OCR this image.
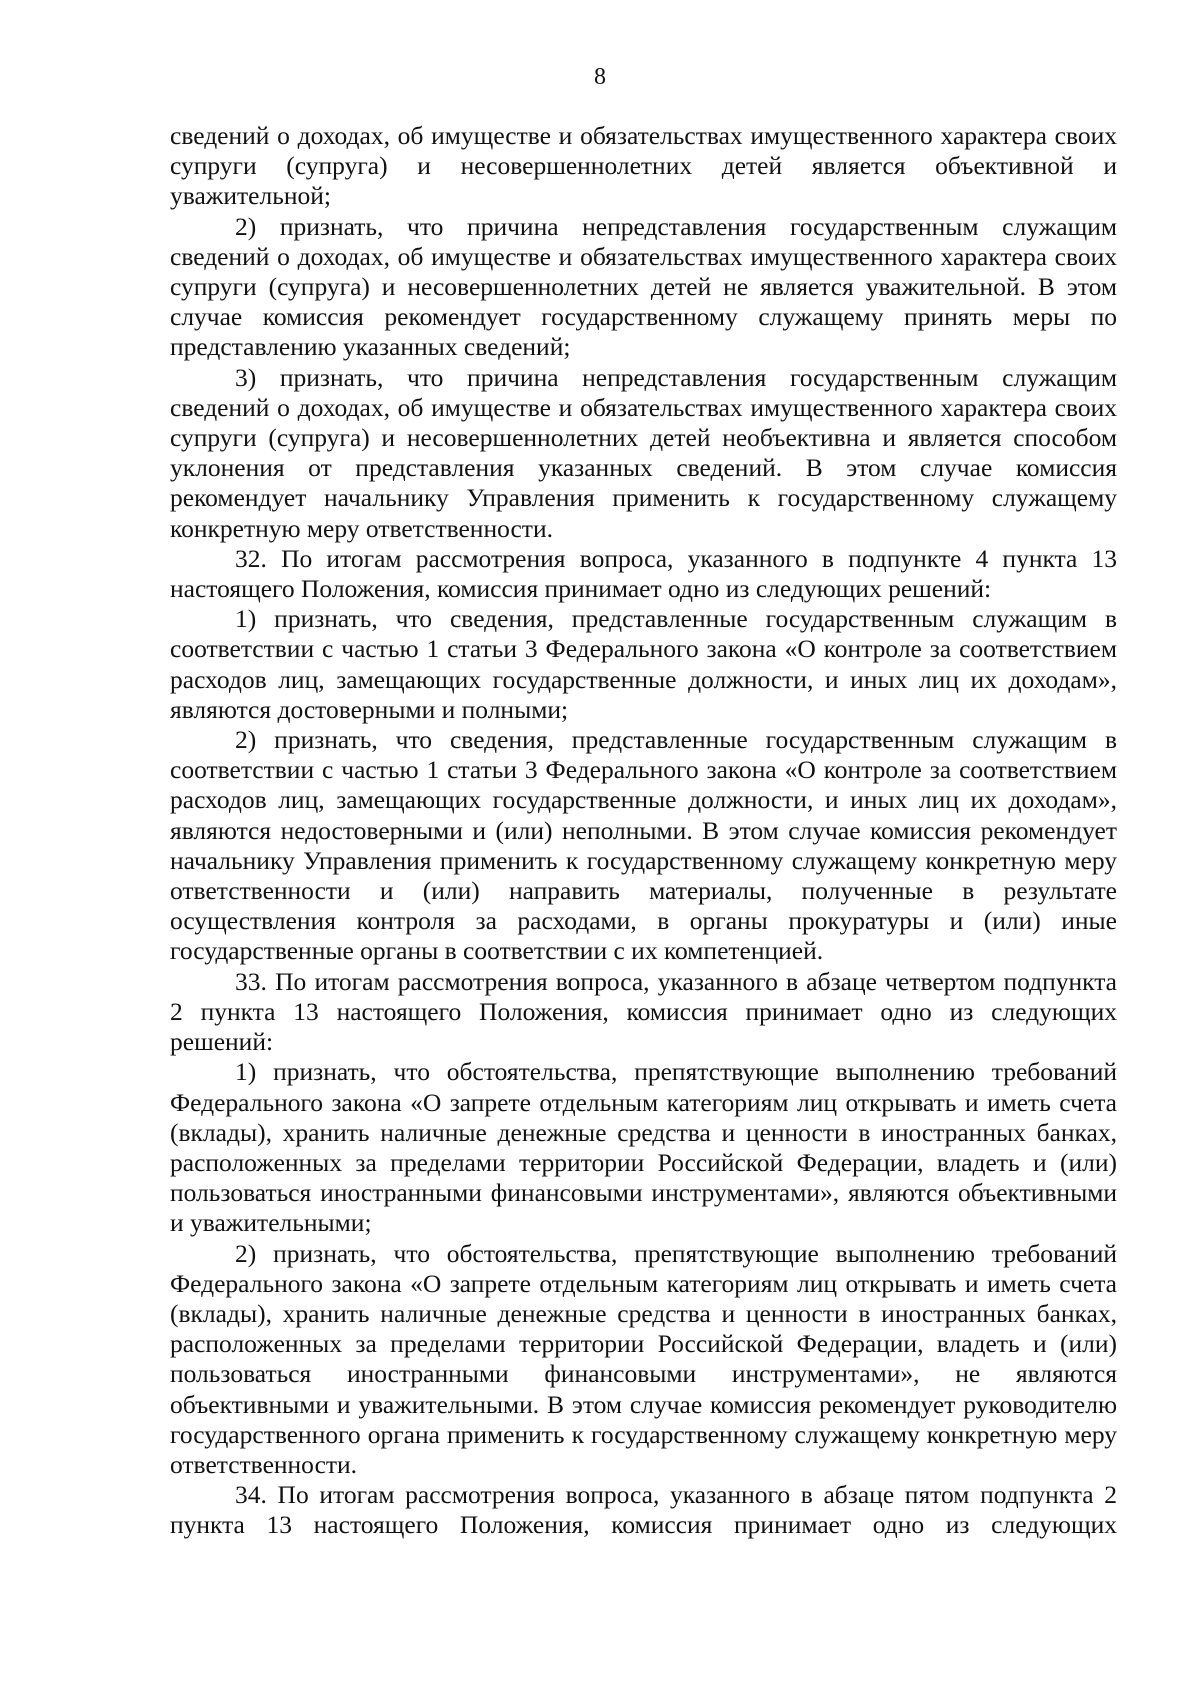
8

сведений о доходах, об имуществе и обязательствах имущественного характера своих супруги (супруга) и несовершеннолетних детей является объективной и уважительной;

2) признать, что причина непредставления государственным служащим сведений о доходах, об имуществе и обязательствах имущественного характера своих супруги (супруга) и несовершеннолетних детей не является уважительной. В этом случае комиссия рекомендует государственному служащему принять меры по представлению указанных сведений;

3) признать, что причина непредставления государственным служащим сведений о доходах, об имуществе и обязательствах имущественного характера своих супруги (супруга) и несовершеннолетних детей необъективна и является способом уклонения от представления указанных сведений. В этом случае комиссия рекомендует начальнику Управления применить к государственному служащему конкретную меру ответственности.

32. По итогам рассмотрения вопроса, указанного в подпункте 4 пункта 13 настоящего Положения, комиссия принимает одно из следующих решений:

1) признать, что сведения, представленные государственным служащим в соответствии с частью 1 статьи 3 Федерального закона «О контроле за соответствием расходов лиц, замещающих государственные должности, и иных лиц их доходам», являются достоверными и полными;

2) признать, что сведения, представленные государственным служащим в соответствии с частью 1 статьи 3 Федерального закона «О контроле за соответствием расходов лиц, замещающих государственные должности, и иных лиц их доходам», являются недостоверными и (или) неполными. В этом случае комиссия рекомендует начальнику Управления применить к государственному служащему конкретную меру ответственности и (или) направить материалы, полученные в результате осуществления контроля за расходами, в органы прокуратуры и (или) иные государственные органы в соответствии с их компетенцией.

33. По итогам рассмотрения вопроса, указанного в абзаце четвертом подпункта 2 пункта 13 настоящего Положения, комиссия принимает одно из следующих решений:

1) признать, что обстоятельства, препятствующие выполнению требований Федерального закона «О запрете отдельным категориям лиц открывать и иметь счета (вклады), хранить наличные денежные средства и ценности в иностранных банках, расположенных за пределами территории Российской Федерации, владеть и (или) пользоваться иностранными финансовыми инструментами», являются объективными и уважительными;

2) признать, что обстоятельства, препятствующие выполнению требований Федерального закона «О запрете отдельным категориям лиц открывать и иметь счета (вклады), хранить наличные денежные средства и ценности в иностранных банках, расположенных за пределами территории Российской Федерации, владеть и (или) пользоваться иностранными финансовыми инструментами», не являются объективными и уважительными. В этом случае комиссия рекомендует руководителю государственного органа применить к государственному служащему конкретную меру ответственности.

34. По итогам рассмотрения вопроса, указанного в абзаце пятом подпункта 2 пункта 13 настоящего Положения, комиссия принимает одно из следующих
